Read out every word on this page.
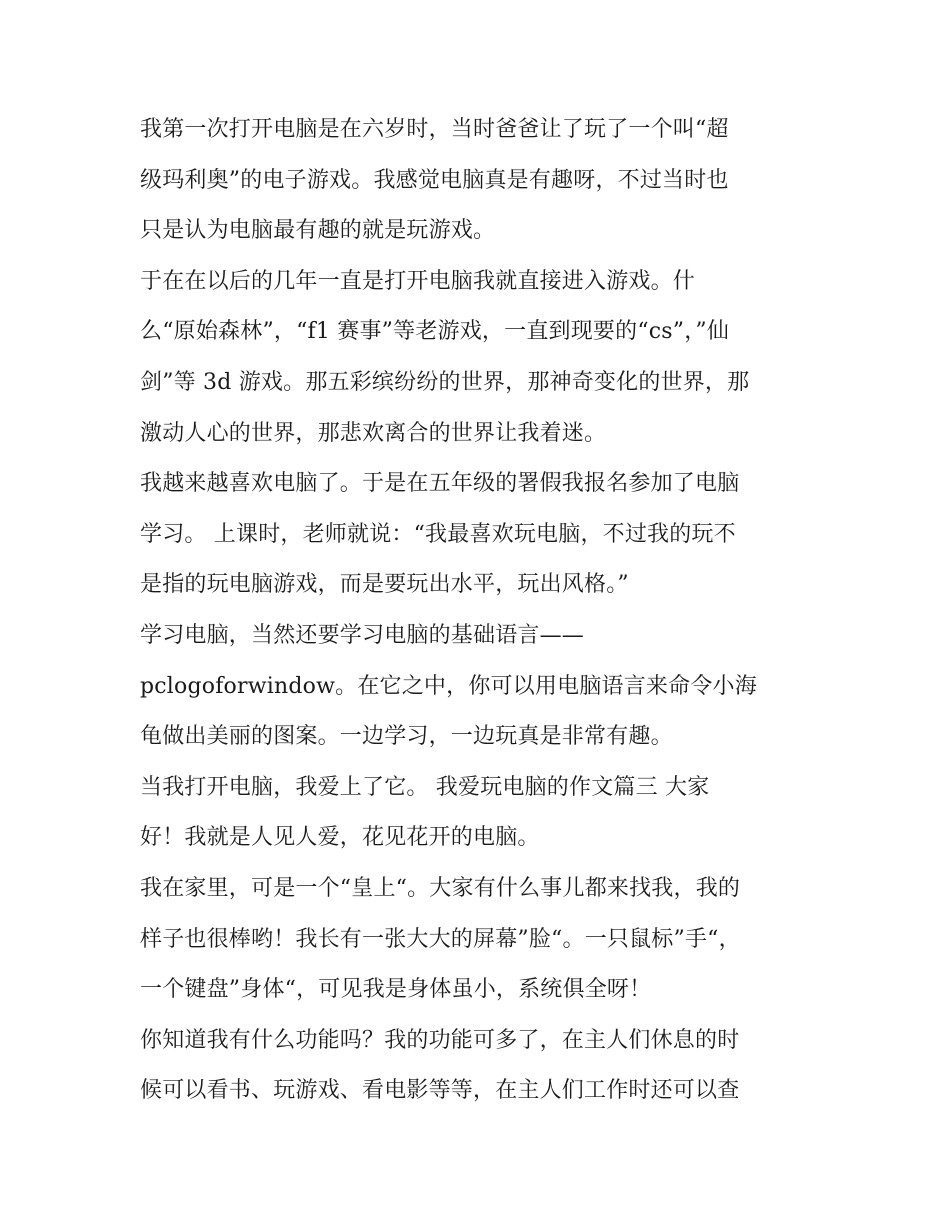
我第一次打开电脑是在六岁时，当时爸爸让了玩了一个叫“超
级玛利奥”的电子游戏。我感觉电脑真是有趣呀，不过当时也
只是认为电脑最有趣的就是玩游戏。
于在在以后的几年一直是打开电脑我就直接进入游戏。什
么“原始森林”，“f1 赛事”等老游戏，一直到现要的“cs”，”仙
剑”等 3d 游戏。那五彩缤纷纷的世界，那神奇变化的世界，那
激动人心的世界，那悲欢离合的世界让我着迷。
我越来越喜欢电脑了。于是在五年级的署假我报名参加了电脑
学习。 上课时，老师就说：“我最喜欢玩电脑，不过我的玩不
是指的玩电脑游戏，而是要玩出水平，玩出风格。”
学习电脑，当然还要学习电脑的基础语言——
pclogoforwindow。在它之中，你可以用电脑语言来命令小海
龟做出美丽的图案。一边学习，一边玩真是非常有趣。
当我打开电脑，我爱上了它。 我爱玩电脑的作文篇三 大家
好！我就是人见人爱，花见花开的电脑。
我在家里，可是一个“皇上“。大家有什么事儿都来找我，我的
样子也很棒哟！我长有一张大大的屏幕”脸“。一只鼠标”手“，
一个键盘”身体“，可见我是身体虽小，系统俱全呀！
你知道我有什么功能吗？我的功能可多了，在主人们休息的时
候可以看书、玩游戏、看电影等等，在主人们工作时还可以查
